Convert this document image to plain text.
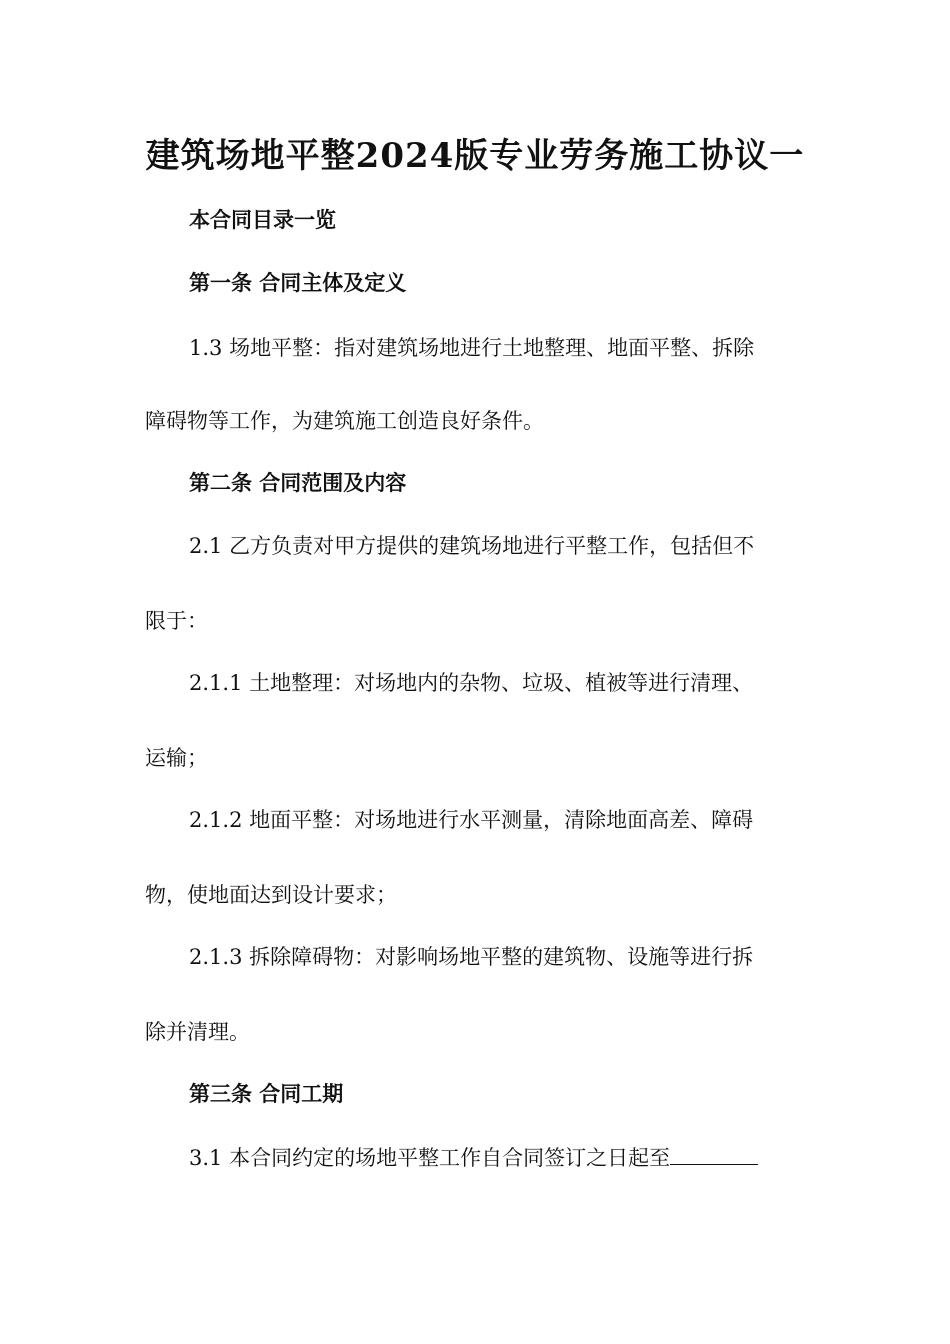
建筑场地平整2024版专业劳务施工协议一
本合同目录一览
第一条 合同主体及定义
1.3 场地平整：指对建筑场地进行土地整理、地面平整、拆除
障碍物等工作，为建筑施工创造良好条件。
第二条 合同范围及内容
2.1 乙方负责对甲方提供的建筑场地进行平整工作，包括但不
限于：
2.1.1 土地整理：对场地内的杂物、垃圾、植被等进行清理、
运输；
2.1.2 地面平整：对场地进行水平测量，清除地面高差、障碍
物，使地面达到设计要求；
2.1.3 拆除障碍物：对影响场地平整的建筑物、设施等进行拆
除并清理。
第三条 合同工期
3.1 本合同约定的场地平整工作自合同签订之日起至
